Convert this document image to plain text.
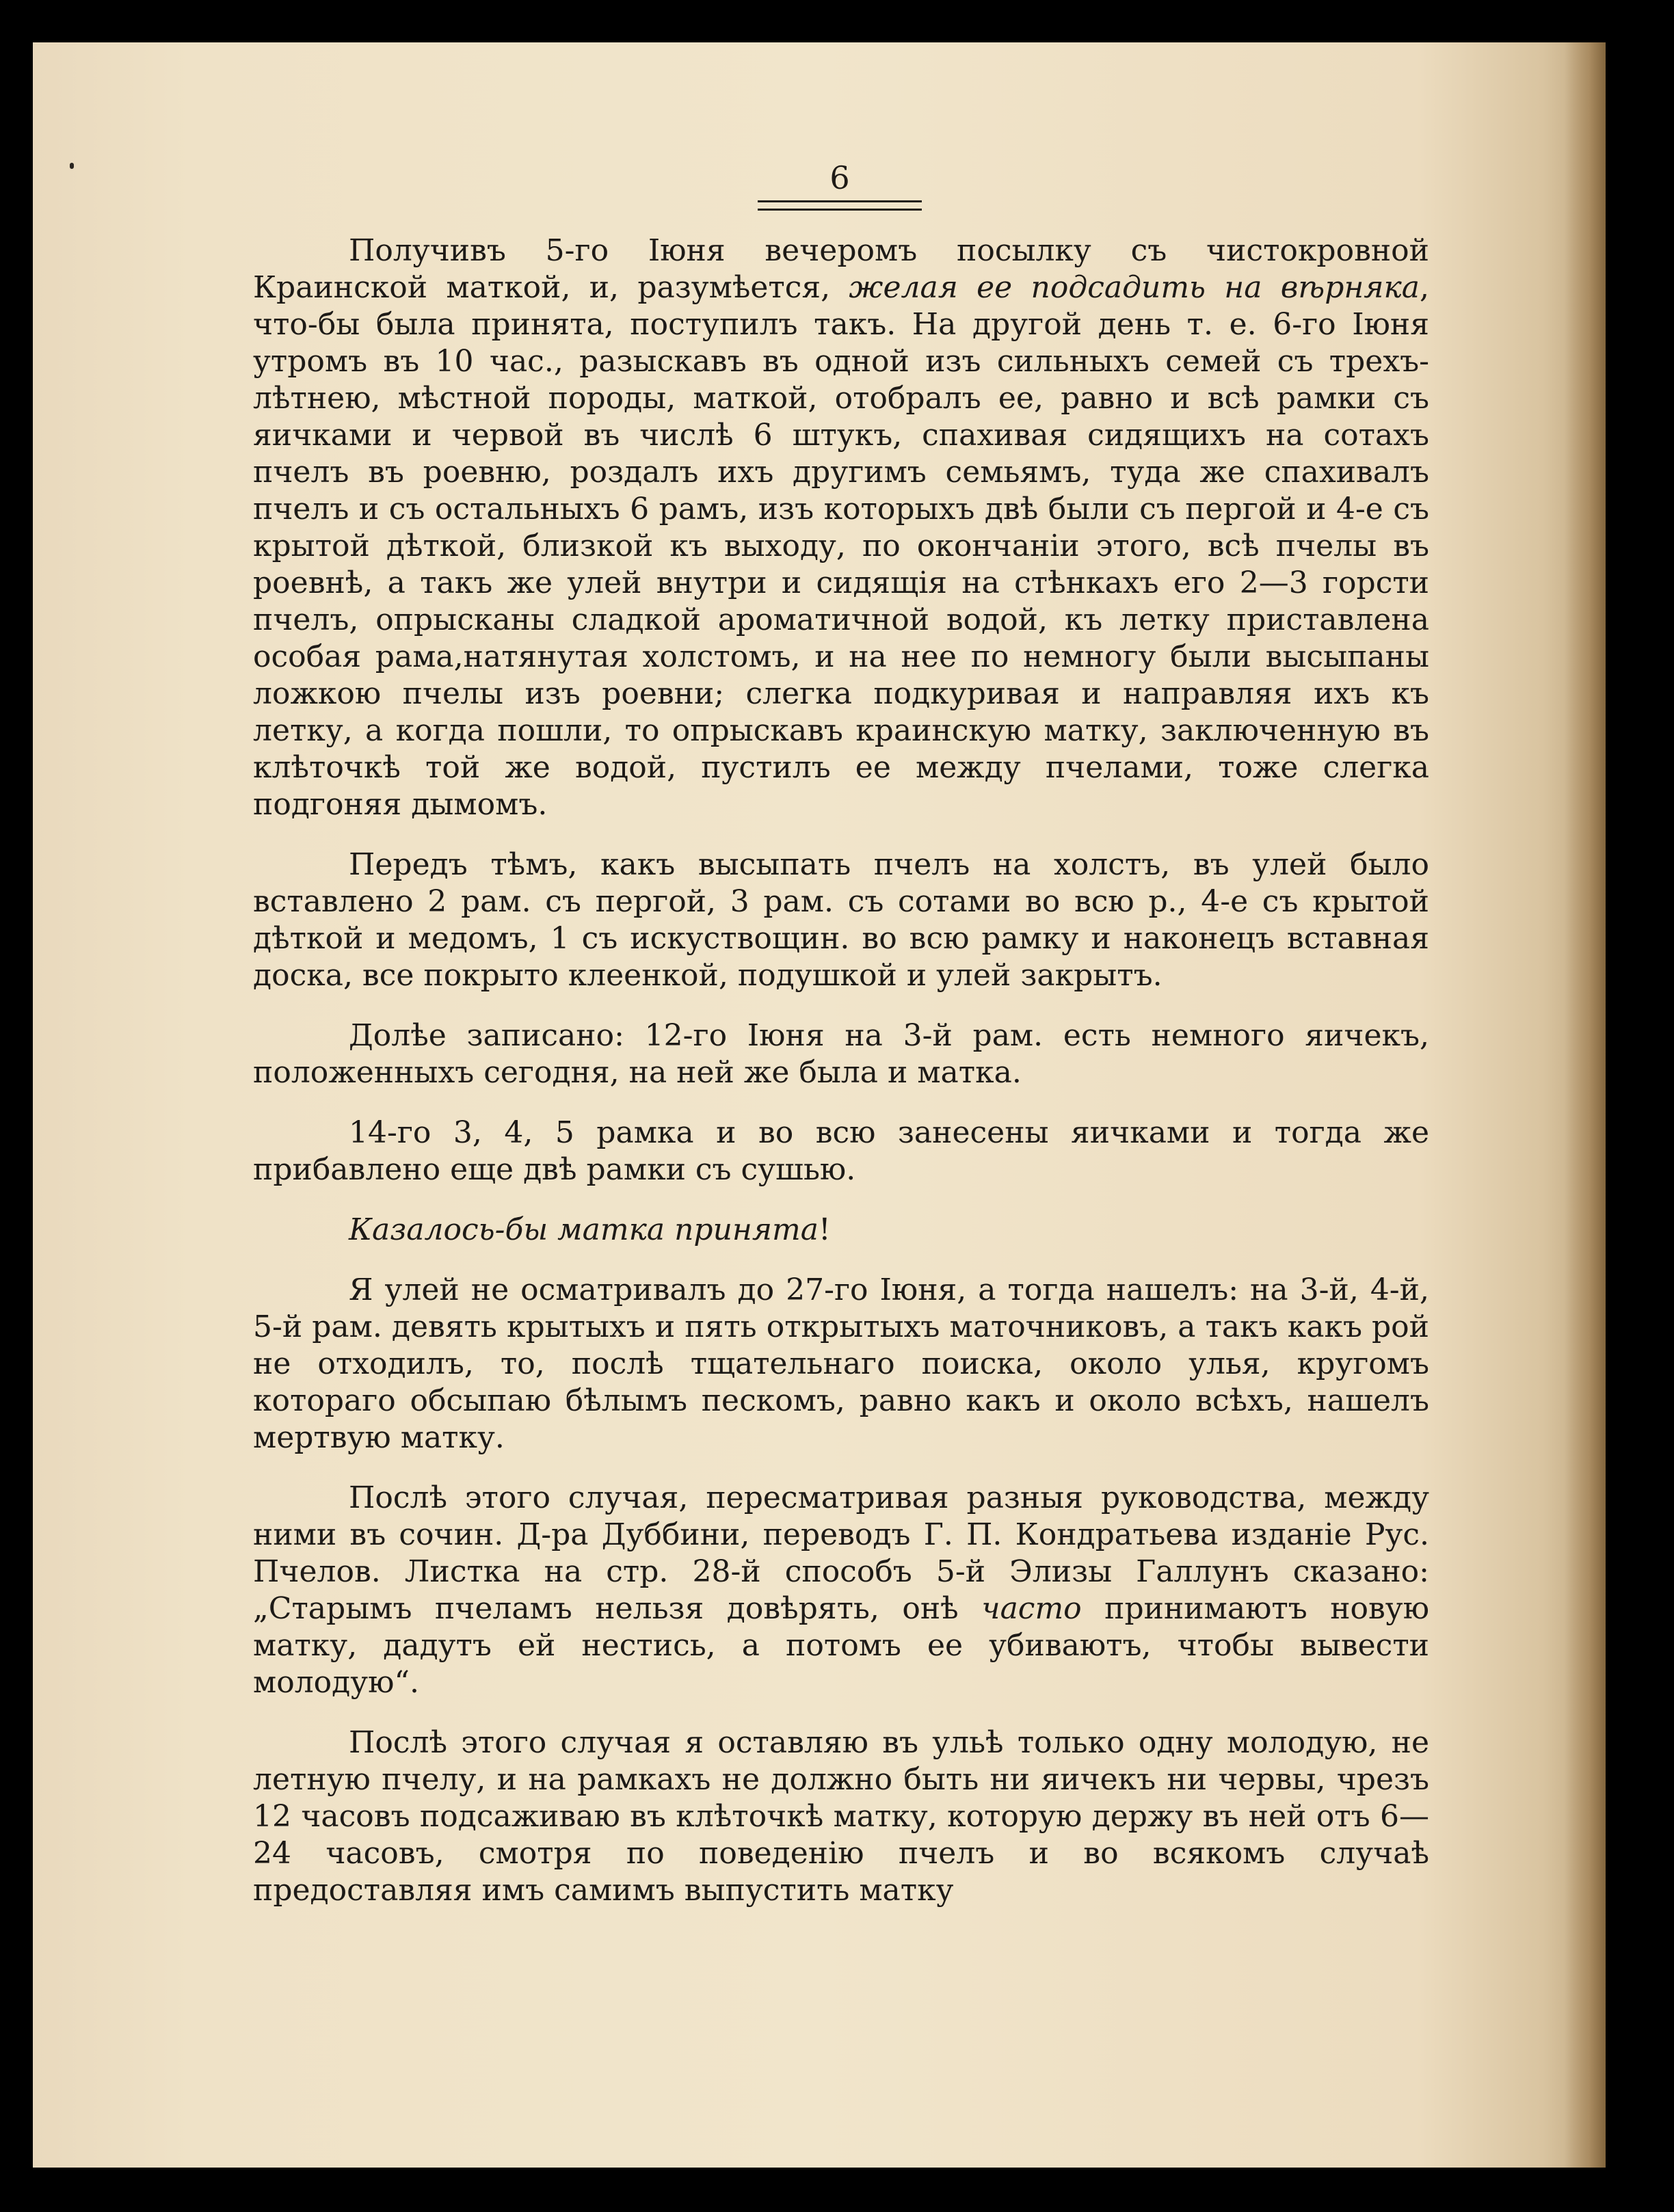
6

Получивъ 5-го Іюня вечеромъ посылку съ чистокровной Краинской маткой, и, разумѣется, желая ее подсадить на вѣрняка, что-бы была принята, поступилъ такъ. На другой день т. е. 6-го Іюня утромъ въ 10 час., разыскавъ въ одной изъ сильныхъ семей съ трехъ-лѣтнею, мѣстной породы, маткой, отобралъ ее, равно и всѣ рамки съ яичками и червой въ числѣ 6 штукъ, спахивая сидящихъ на сотахъ пчелъ въ роевню, роздалъ ихъ другимъ семьямъ, туда же спахивалъ пчелъ и съ остальныхъ 6 рамъ, изъ которыхъ двѣ были съ пергой и 4-е съ крытой дѣткой, близкой къ выходу, по окончаніи этого, всѣ пчелы въ роевнѣ, а такъ же улей внутри и сидящія на стѣнкахъ его 2—3 горсти пчелъ, опрысканы сладкой ароматичной водой, къ летку приставлена особая рама,натянутая холстомъ, и на нее по немногу были высыпаны ложкою пчелы изъ роевни; слегка подкуривая и направляя ихъ къ летку, а когда пошли, то опрыскавъ краинскую матку, заключенную въ клѣточкѣ той же водой, пустилъ ее между пчелами, тоже слегка подгоняя дымомъ.

Передъ тѣмъ, какъ высыпать пчелъ на холстъ, въ улей было вставлено 2 рам. съ пергой, 3 рам. съ сотами во всю р., 4-е съ крытой дѣткой и медомъ, 1 съ искуствощин. во всю рамку и наконецъ вставная доска, все покрыто клеенкой, подушкой и улей закрытъ.

Долѣе записано: 12-го Іюня на 3-й рам. есть немного яичекъ, положенныхъ сегодня, на ней же была и матка.

14-го 3, 4, 5 рамка и во всю занесены яичками и тогда же прибавлено еще двѣ рамки съ сушью.

Казалось-бы матка принята!

Я улей не осматривалъ до 27-го Іюня, а тогда нашелъ: на 3-й, 4-й, 5-й рам. девять крытыхъ и пять открытыхъ маточниковъ, а такъ какъ рой не отходилъ, то, послѣ тщательнаго поиска, около улья, кругомъ котораго обсыпаю бѣлымъ пескомъ, равно какъ и около всѣхъ, нашелъ мертвую матку.

Послѣ этого случая, пересматривая разныя руководства, между ними въ сочин. Д-ра Дуббини, переводъ Г. П. Кондратьева изданіе Рус. Пчелов. Листка на стр. 28-й способъ 5-й Элизы Галлунъ сказано: „Старымъ пчеламъ нельзя довѣрять, онѣ часто принимаютъ новую матку, дадутъ ей нестись, а потомъ ее убиваютъ, чтобы вывести молодую“.

Послѣ этого случая я оставляю въ ульѣ только одну молодую, не летную пчелу, и на рамкахъ не должно быть ни яичекъ ни червы, чрезъ 12 часовъ подсаживаю въ клѣточкѣ матку, которую держу въ ней отъ 6—24 часовъ, смотря по поведенію пчелъ и во всякомъ случаѣ предоставляя имъ самимъ выпустить матку
